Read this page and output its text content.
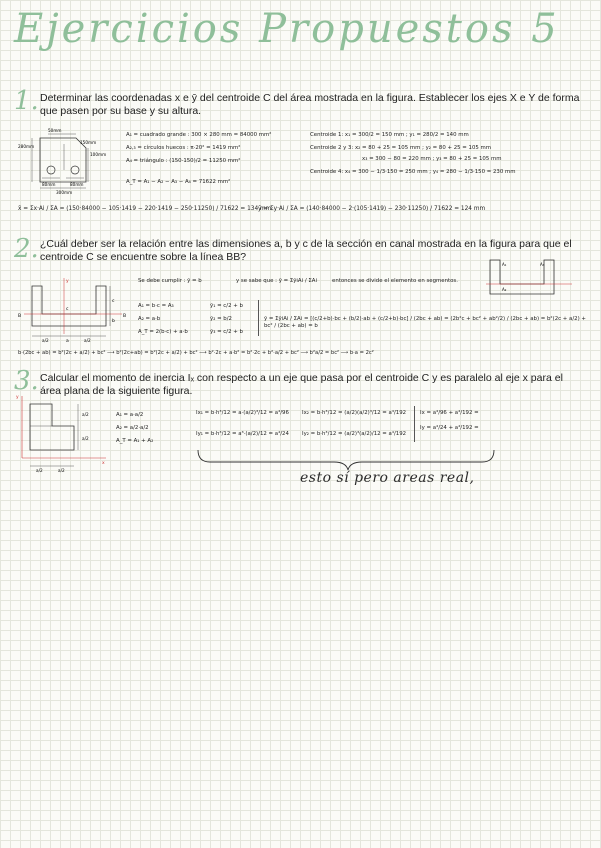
Ejercicios Propuestos 5
1. Determinar las coordenadas x e ȳ del centroide C del área mostrada en la figura. Establecer los ejes X e Y de forma que pasen por su base y su altura.
50mm
100mm
280mm
80mm	80mm
300mm
150mm
A₁ = cuadrado grande : 300 × 280 mm = 84000 mm²
A₂,₃ = círculos huecos : π·20² = 1419 mm²
A₄ = triángulo : (150·150)/2 = 11250 mm²
A_T = A₁ − A₂ − A₃ − A₄ = 71622 mm²
Centroide 1: x₁ = 300/2 = 150 mm ; y₁ = 280/2 = 140 mm
Centroide 2 y 3: x₂ = 80 + 25 = 105 mm ; y₂ = 80 + 25 = 105 mm
x₃ = 300 − 80 = 220 mm ; y₃ = 80 + 25 = 105 mm
Centroide 4: x₄ = 300 − 1/3·150 = 250 mm ; y₄ = 280 − 1/3·150 = 230 mm
x̄ = Σx·Ai / ΣA = (150·84000 − 105·1419 − 220·1419 − 250·11250) / 71622 = 134 mm
ȳ = Σy·Ai / ΣA = (140·84000 − 2·(105·1419) − 230·11250) / 71622 = 124 mm
2. ¿Cuál deber ser la relación entre las dimensiones a, b y c de la sección en canal mostrada en la figura para que el centroide C se encuentre sobre la línea BB?
B	B
b
c
y
c
a/2	a/2
a
A₁
A₂
A₃
Se debe cumplir : ȳ = b	y se sabe que : ȳ = ΣȳiAi / ΣAi	entonces se divide el elemento en segmentos.
A₁ = b·c = A₃
A₂ = a·b
A_T = 2(b·c) + a·b
ȳ₁ = c/2 + b
ȳ₂ = b/2
ȳ₃ = c/2 + b
ȳ = ΣȳiAi / ΣAi = [(c/2+b)·bc + (b/2)·ab + (c/2+b)·bc] / (2bc + ab) = (2b²c + bc² + ab²/2) / (2bc + ab) = b²(2c + a/2) + bc² / (2bc + ab) = b
b·(2bc + ab) = b²(2c + a/2) + bc² ⟶ b²(2c+ab) = b²(2c + a/2) + bc² ⟶ b²·2c + a·b² = b²·2c + b²·a/2 + bc² ⟶ b²a/2 = bc² ⟶ b·a = 2c²
3. Calcular el momento de inercia Iₓ con respecto a un eje que pasa por el centroide C y es paralelo al eje x para el área plana de la siguiente figura.
y
x
a/2
a/2
a/2	a/2
A₁ = a·a/2
A₂ = a/2·a/2
A_T = A₁ + A₂
Ix₁ = b·h³/12 = a·(a/2)³/12 = a⁴/96
Iy₁ = b·h³/12 = a³·(a/2)/12 = a⁴/24
Ix₂ = b·h³/12 = (a/2)(a/2)³/12 = a⁴/192
Iy₂ = b·h³/12 = (a/2)³(a/2)/12 = a⁴/192
Ix = a⁴/96 + a⁴/192 =
Iy = a⁴/24 + a⁴/192 =
esto sí pero areas real,
